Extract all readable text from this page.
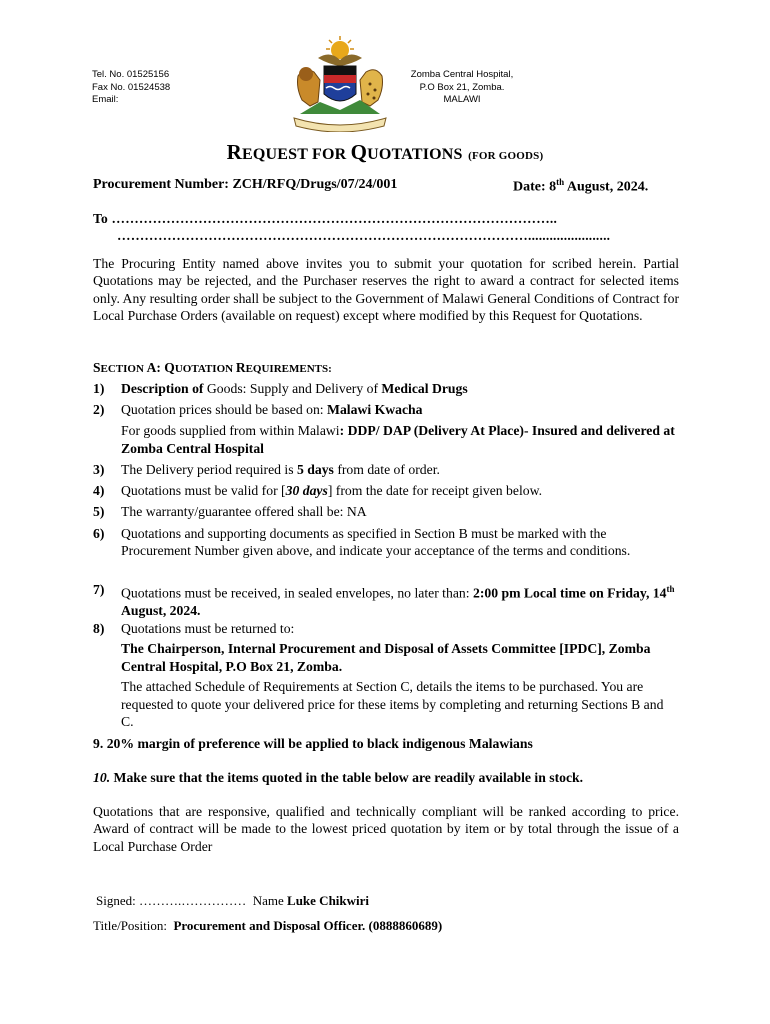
Tel. No. 01525156
Fax No. 01524538
Email:
Zomba Central Hospital,
P.O Box 21, Zomba.
MALAWI
REQUEST FOR QUOTATIONS (FOR GOODS)
Procurement Number: ZCH/RFQ/Drugs/07/24/001	Date: 8th August, 2024.
To ……………………………………………………………………………………..
……………………………………………………………………………….......................
The Procuring Entity named above invites you to submit your quotation for scribed herein. Partial Quotations may be rejected, and the Purchaser reserves the right to award a contract for selected items only. Any resulting order shall be subject to the Government of Malawi General Conditions of Contract for Local Purchase Orders (available on request) except where modified by this Request for Quotations.
SECTION A: QUOTATION REQUIREMENTS:
1) Description of Goods: Supply and Delivery of Medical Drugs
2) Quotation prices should be based on: Malawi Kwacha
For goods supplied from within Malawi: DDP/ DAP (Delivery At Place)- Insured and delivered at Zomba Central Hospital
3) The Delivery period required is 5 days from date of order.
4) Quotations must be valid for [30 days] from the date for receipt given below.
5) The warranty/guarantee offered shall be: NA
6) Quotations and supporting documents as specified in Section B must be marked with the Procurement Number given above, and indicate your acceptance of the terms and conditions.
7) Quotations must be received, in sealed envelopes, no later than: 2:00 pm Local time on Friday, 14th August, 2024.
8) Quotations must be returned to:
The Chairperson, Internal Procurement and Disposal of Assets Committee [IPDC], Zomba Central Hospital, P.O Box 21, Zomba.
The attached Schedule of Requirements at Section C, details the items to be purchased. You are requested to quote your delivered price for these items by completing and returning Sections B and C.
9. 20% margin of preference will be applied to black indigenous Malawians
10. Make sure that the items quoted in the table below are readily available in stock.
Quotations that are responsive, qualified and technically compliant will be ranked according to price. Award of contract will be made to the lowest priced quotation by item or by total through the issue of a Local Purchase Order
Signed: ……….…………… Name Luke Chikwiri
Title/Position: Procurement and Disposal Officer. (0888860689)
